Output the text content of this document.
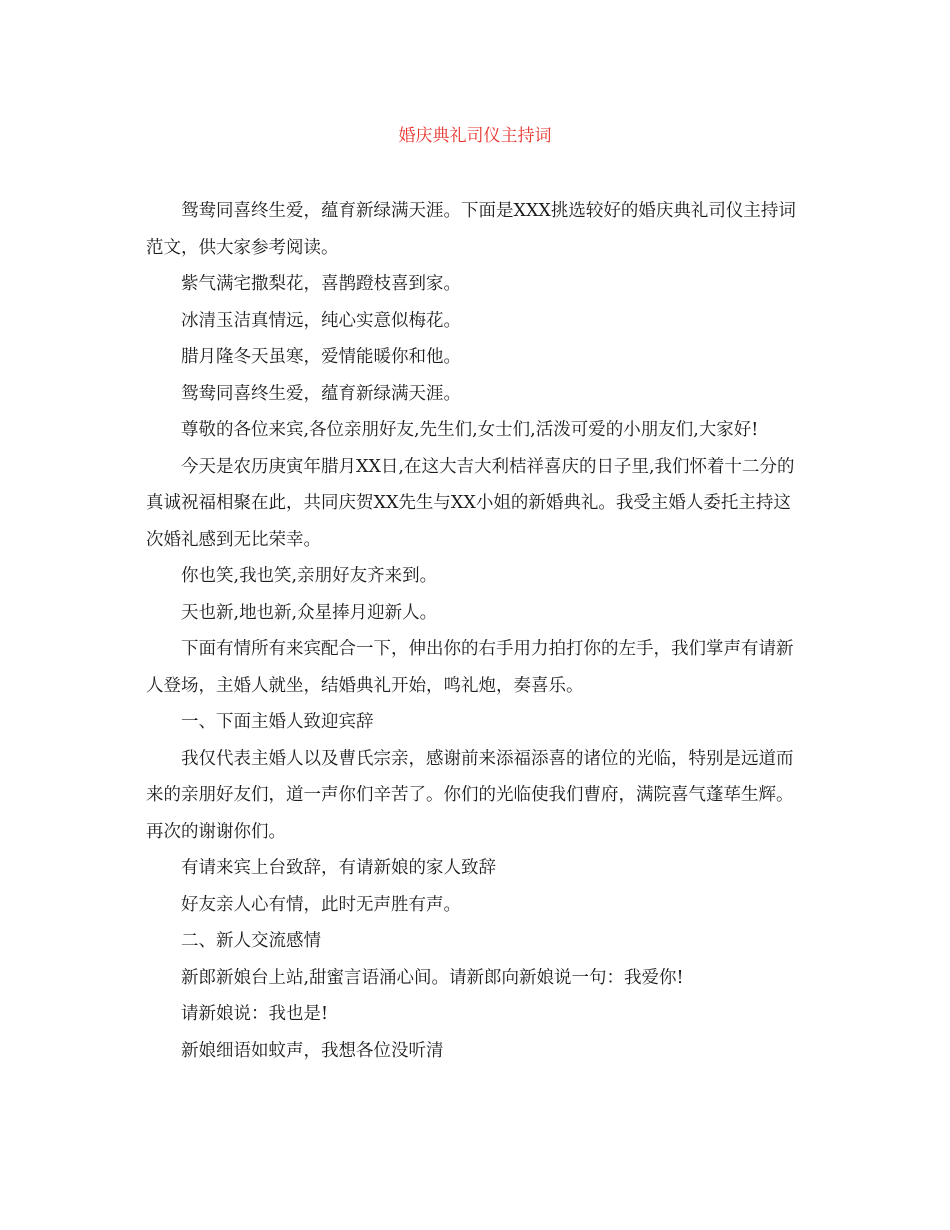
婚庆典礼司仪主持词

鸳鸯同喜终生爱，蕴育新绿满天涯。下面是XXX挑选较好的婚庆典礼司仪主持词范文，供大家参考阅读。

紫气满宅撒梨花，喜鹊蹬枝喜到家。

冰清玉洁真情远，纯心实意似梅花。

腊月隆冬天虽寒，爱情能暖你和他。

鸳鸯同喜终生爱，蕴育新绿满天涯。

尊敬的各位来宾,各位亲朋好友,先生们,女士们,活泼可爱的小朋友们,大家好!

今天是农历庚寅年腊月XX日,在这大吉大利桔祥喜庆的日子里,我们怀着十二分的真诚祝福相聚在此，共同庆贺XX先生与XX小姐的新婚典礼。我受主婚人委托主持这次婚礼感到无比荣幸。

你也笑,我也笑,亲朋好友齐来到。

天也新,地也新,众星捧月迎新人。

下面有情所有来宾配合一下，伸出你的右手用力拍打你的左手，我们掌声有请新人登场，主婚人就坐，结婚典礼开始，鸣礼炮，奏喜乐。

一、下面主婚人致迎宾辞

我仅代表主婚人以及曹氏宗亲，感谢前来添福添喜的诸位的光临，特别是远道而来的亲朋好友们，道一声你们辛苦了。你们的光临使我们曹府，满院喜气蓬荜生辉。再次的谢谢你们。

有请来宾上台致辞，有请新娘的家人致辞

好友亲人心有情，此时无声胜有声。

二、新人交流感情

新郎新娘台上站,甜蜜言语涌心间。请新郎向新娘说一句：我爱你!

请新娘说：我也是!

新娘细语如蚊声，我想各位没听清
